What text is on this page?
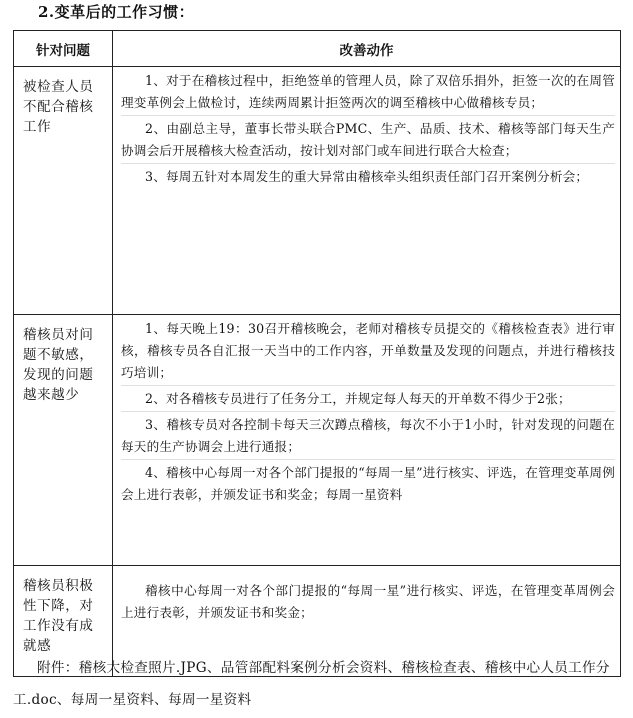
2.变革后的工作习惯：
针对问题	改善动作
被检查人员不配合稽核工作	1、对于在稽核过程中，拒绝签单的管理人员，除了双倍乐捐外，拒签一次的在周管理变革例会上做检讨，连续两周累计拒签两次的调至稽核中心做稽核专员；
2、由副总主导，董事长带头联合PMC、生产、品质、技术、稽核等部门每天生产协调会后开展稽核大检查活动，按计划对部门或车间进行联合大检查；
3、每周五针对本周发生的重大异常由稽核牵头组织责任部门召开案例分析会；

稽核员对问题不敏感，发现的问题越来越少	1、每天晚上19：30召开稽核晚会，老师对稽核专员提交的《稽核检查表》进行审核，稽核专员各自汇报一天当中的工作内容，开单数量及发现的问题点，并进行稽核技巧培训；
2、对各稽核专员进行了任务分工，并规定每人每天的开单数不得少于2张；
3、稽核专员对各控制卡每天三次蹲点稽核，每次不小于1小时，针对发现的问题在每天的生产协调会上进行通报；
4、稽核中心每周一对各个部门提报的“每周一星”进行核实、评选，在管理变革周例会上进行表彰，并颁发证书和奖金；每周一星资料

稽核员积极性下降，对工作没有成就感	稽核中心每周一对各个部门提报的“每周一星”进行核实、评选，在管理变革周例会上进行表彰，并颁发证书和奖金；
附件：稽核大检查照片.JPG、品管部配料案例分析会资料、稽核检查表、稽核中心人员工作分工.doc、每周一星资料、每周一星资料
